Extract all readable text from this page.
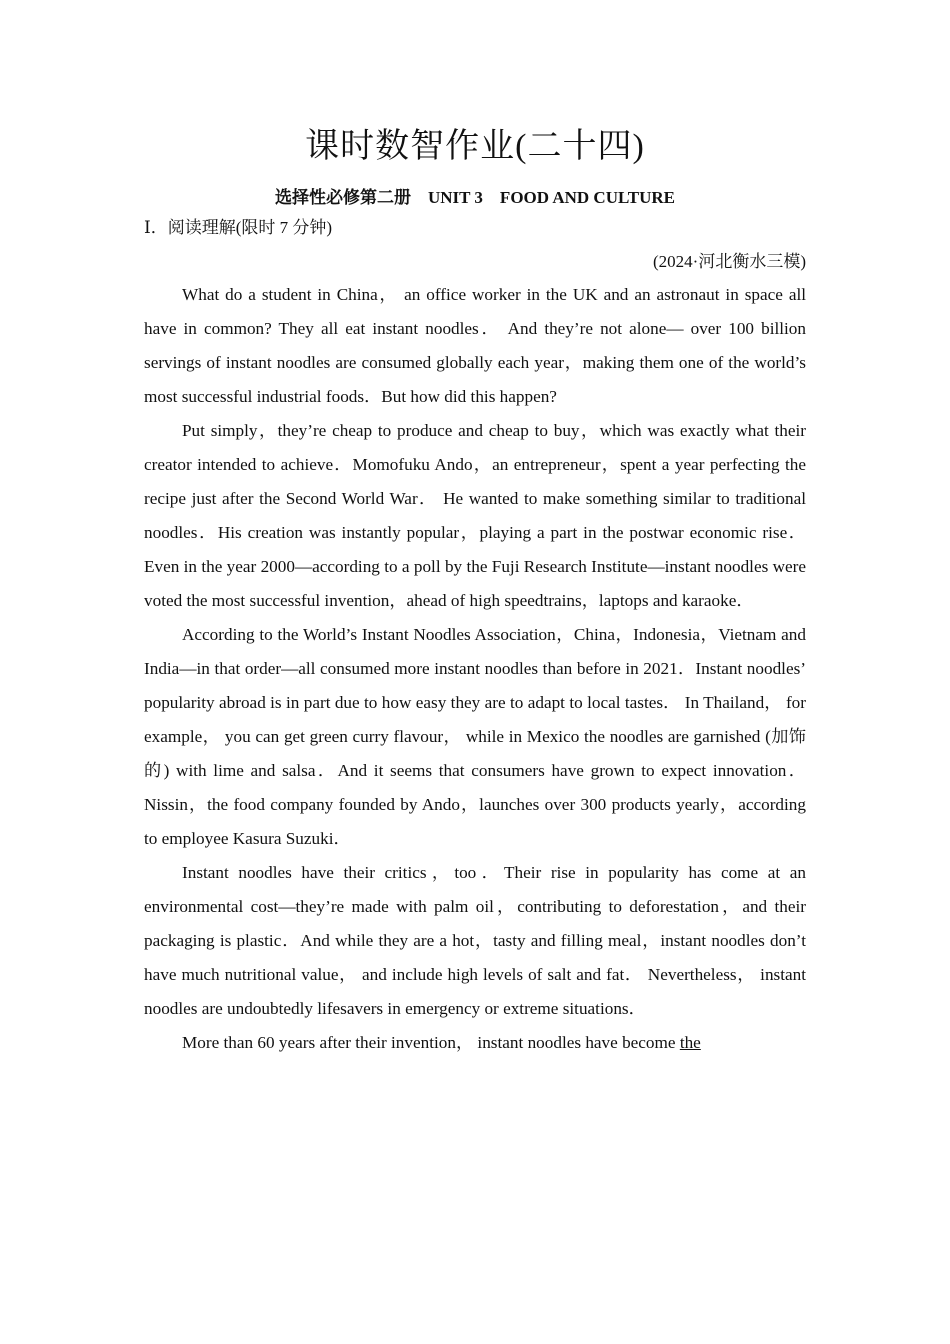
课时数智作业(二十四)
选择性必修第二册　UNIT 3　FOOD AND CULTURE
Ⅰ．阅读理解(限时 7 分钟)
(2024·河北衡水三模)

What do a student in China， an office worker in the UK and an astronaut in space all have in common? They all eat instant noodles． And they’re not alone— over 100 billion servings of instant noodles are consumed globally each year，making them one of the world’s most successful industrial foods．But how did this happen?

Put simply，they’re cheap to produce and cheap to buy，which was exactly what their creator intended to achieve．Momofuku Ando，an entrepreneur，spent a year perfecting the recipe just after the Second World War． He wanted to make something similar to traditional noodles．His creation was instantly popular，playing a part in the postwar economic rise．Even in the year 2000—according to a poll by the Fuji Research Institute—instant noodles were voted the most successful invention，ahead of high speedtrains，laptops and karaoke．

According to the World’s Instant Noodles Association，China，Indonesia，Vietnam and India—in that order—all consumed more instant noodles than before in 2021．Instant noodles’ popularity abroad is in part due to how easy they are to adapt to local tastes． In Thailand， for example， you can get green curry flavour， while in Mexico the noodles are garnished (加饰的) with lime and salsa．And it seems that consumers have grown to expect innovation．Nissin，the food company founded by Ando，launches over 300 products yearly，according to employee Kasura Suzuki．

Instant noodles have their critics，too．Their rise in popularity has come at an environmental cost—they’re made with palm oil，contributing to deforestation，and their packaging is plastic．And while they are a hot，tasty and filling meal，instant noodles don’t have much nutritional value， and include high levels of salt and fat． Nevertheless， instant noodles are undoubtedly lifesavers in emergency or extreme situations．

More than 60 years after their invention， instant noodles have become the
